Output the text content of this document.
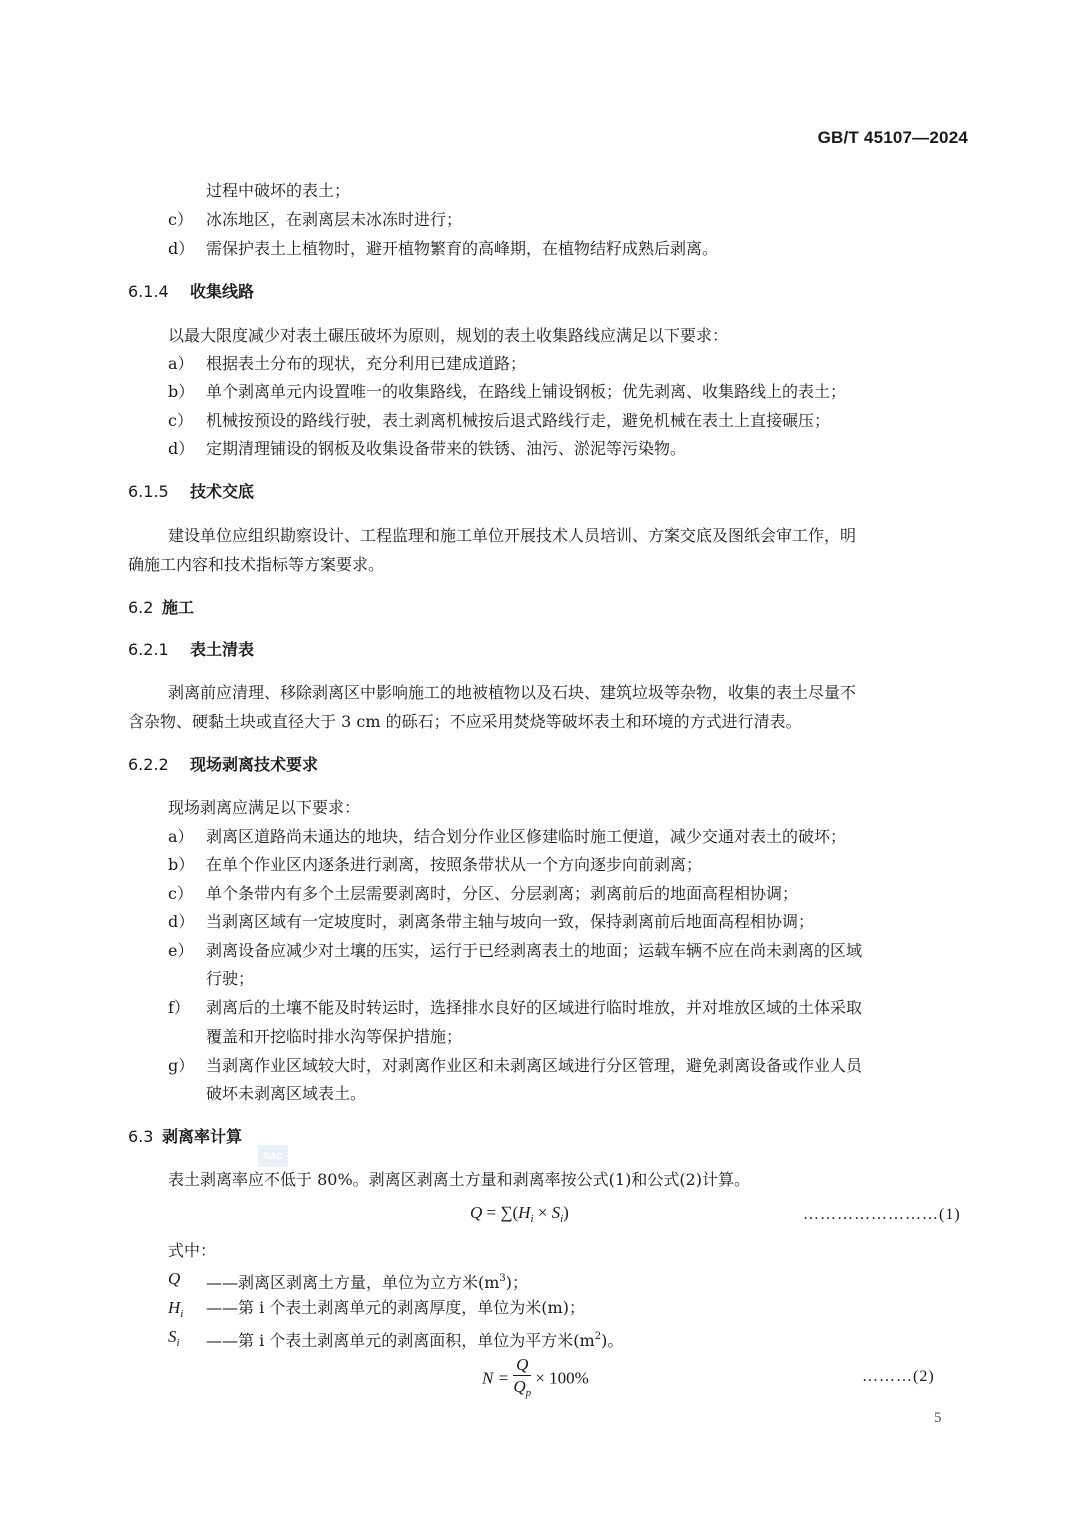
GB/T 45107—2024
过程中破坏的表土；
c） 冰冻地区，在剥离层未冰冻时进行；
d） 需保护表土上植物时，避开植物繁育的高峰期，在植物结籽成熟后剥离。
6.1.4 收集线路
以最大限度减少对表土碾压破坏为原则，规划的表土收集路线应满足以下要求：
a） 根据表土分布的现状，充分利用已建成道路；
b） 单个剥离单元内设置唯一的收集路线，在路线上铺设钢板；优先剥离、收集路线上的表土；
c） 机械按预设的路线行驶，表土剥离机械按后退式路线行走，避免机械在表土上直接碾压；
d） 定期清理铺设的钢板及收集设备带来的铁锈、油污、淤泥等污染物。
6.1.5 技术交底
建设单位应组织勘察设计、工程监理和施工单位开展技术人员培训、方案交底及图纸会审工作，明
确施工内容和技术指标等方案要求。
6.2 施工
6.2.1 表土清表
剥离前应清理、移除剥离区中影响施工的地被植物以及石块、建筑垃圾等杂物，收集的表土尽量不
含杂物、硬黏土块或直径大于 3 cm 的砾石；不应采用焚烧等破坏表土和环境的方式进行清表。
6.2.2 现场剥离技术要求
现场剥离应满足以下要求：
a） 剥离区道路尚未通达的地块，结合划分作业区修建临时施工便道，减少交通对表土的破坏；
b） 在单个作业区内逐条进行剥离，按照条带状从一个方向逐步向前剥离；
c） 单个条带内有多个土层需要剥离时，分区、分层剥离；剥离前后的地面高程相协调；
d） 当剥离区域有一定坡度时，剥离条带主轴与坡向一致，保持剥离前后地面高程相协调；
e） 剥离设备应减少对土壤的压实，运行于已经剥离表土的地面；运载车辆不应在尚未剥离的区域
行驶；
f） 剥离后的土壤不能及时转运时，选择排水良好的区域进行临时堆放，并对堆放区域的土体采取
覆盖和开挖临时排水沟等保护措施；
g） 当剥离作业区域较大时，对剥离作业区和未剥离区域进行分区管理，避免剥离设备或作业人员
破坏未剥离区域表土。
6.3 剥离率计算
SAC
表土剥离率应不低于 80%。剥离区剥离土方量和剥离率按公式(1)和公式(2)计算。
$Q = \sum(H_i \times S_i)$	……………………(1)
式中：
Q ——剥离区剥离土方量，单位为立方米$(m^3)$；
$H_i$ ——第 i 个表土剥离单元的剥离厚度，单位为米(m)；
$S_i$ ——第 i 个表土剥离单元的剥离面积，单位为平方米$(m^2)$。
$N = \frac{Q}{Q_p} \times 100\%$	………(2)
5
